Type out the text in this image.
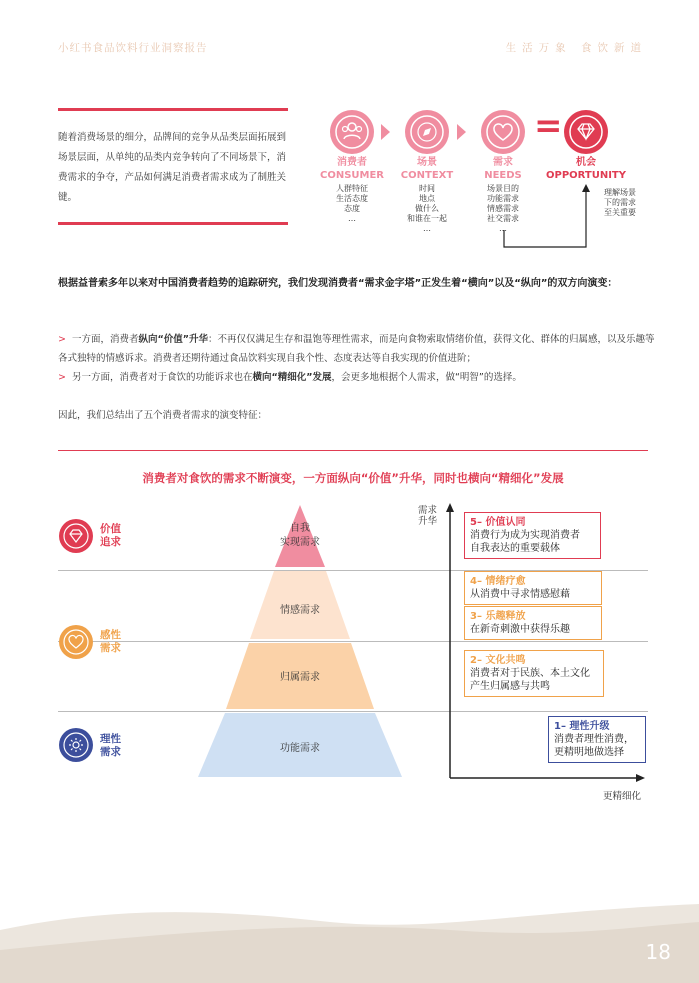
小红书食品饮料行业洞察报告	生活万象 食饮新道
随着消费场景的细分，品牌间的竞争从品类层面拓展到场景层面，从单纯的品类内竞争转向了不同场景下，消费需求的争夺，产品如何满足消费者需求成为了制胜关键。
=
消费者
CONSUMER
人群特征
生活态度
态度
…
场景
CONTEXT
时间
地点
做什么
和谁在一起
…
需求
NEEDS
场景目的
功能需求
情感需求
社交需求
…
机会
OPPORTUNITY
理解场景
下的需求
至关重要
根据益普索多年以来对中国消费者趋势的追踪研究，我们发现消费者“需求金字塔”正发生着“横向”以及“纵向”的双方向演变：
> 一方面，消费者纵向“价值”升华：不再仅仅满足生存和温饱等理性需求，而是向食物索取情绪价值，获得文化、群体的归属感，以及乐趣等各式独特的情感诉求。消费者还期待通过食品饮料实现自我个性、态度表达等自我实现的价值进阶；
> 另一方面，消费者对于食饮的功能诉求也在横向“精细化”发展，会更多地根据个人需求，做“明智”的选择。
因此，我们总结出了五个消费者需求的演变特征：
消费者对食饮的需求不断演变，一方面纵向“价值”升华，同时也横向“精细化”发展
价值
追求
感性
需求
理性
需求
自我
实现需求
情感需求
归属需求
功能需求
需求
升华
更精细化
5– 价值认同
消费行为成为实现消费者
自我表达的重要载体
4– 情绪疗愈
从消费中寻求情感慰藉
3– 乐趣释放
在新奇刺激中获得乐趣
2– 文化共鸣
消费者对于民族、本土文化
产生归属感与共鸣
1– 理性升级
消费者理性消费，
更精明地做选择
18
